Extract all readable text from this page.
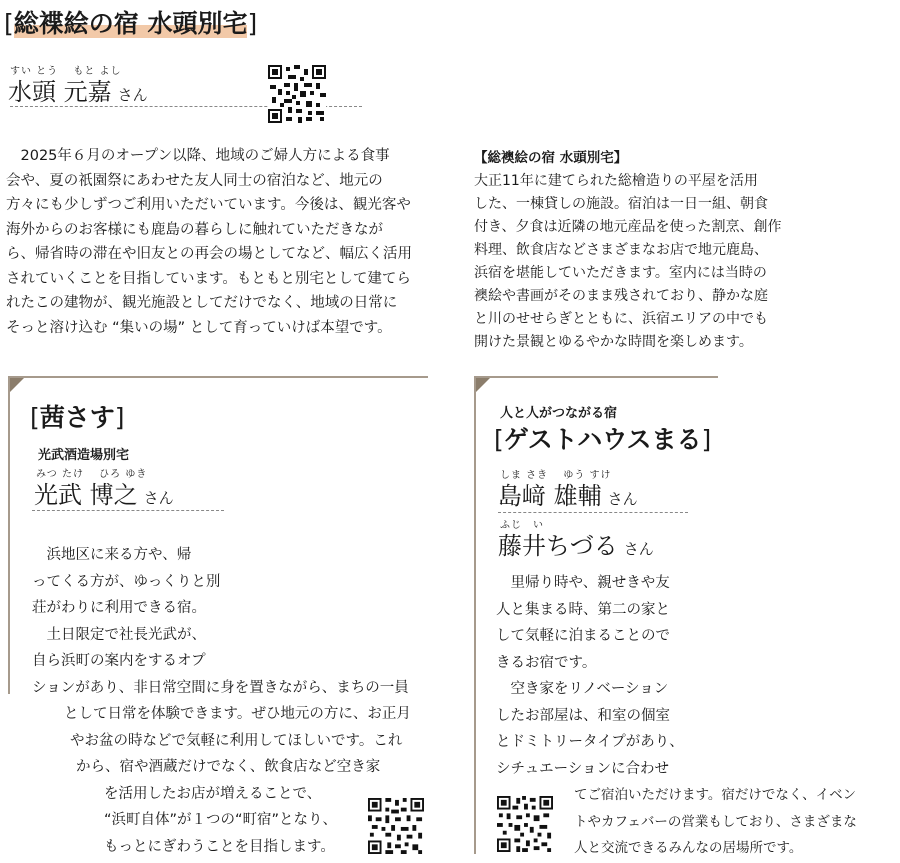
[総褋絵の宿 水頭別宅]
すい とう　 もと よし
水頭 元嘉 さん
　2025年６月のオープン以降、地域のご婦人方による食事
会や、夏の祇園祭にあわせた友人同士の宿泊など、地元の
方々にも少しずつご利用いただいています。今後は、観光客や
海外からのお客様にも鹿島の暮らしに触れていただきなが
ら、帰省時の滞在や旧友との再会の場としてなど、幅広く活用
されていくことを目指しています。もともと別宅として建てら
れたこの建物が、観光施設としてだけでなく、地域の日常に
そっと溶け込む “集いの場” として育っていけば本望です。
【総襖絵の宿 水頭別宅】
大正11年に建てられた総檜造りの平屋を活用
した、一棟貸しの施設。宿泊は一日一組、朝食
付き、夕食は近隣の地元産品を使った割烹、創作
料理、飲食店などさまざまなお店で地元鹿島、
浜宿を堪能していただきます。室内には当時の
襖絵や書画がそのまま残されており、静かな庭
と川のせせらぎとともに、浜宿エリアの中でも
開けた景観とゆるやかな時間を楽しめます。
[茜さす]
光武酒造場別宅
みつ たけ　 ひろ ゆき
光武 博之 さん
　浜地区に来る方や、帰
ってくる方が、ゆっくりと別
荘がわりに利用できる宿。
　土日限定で社長光武が、
自ら浜町の案内をするオプ
ションがあり、非日常空間に身を置きながら、まちの一員
として日常を体験できます。ぜひ地元の方に、お正月
やお盆の時などで気軽に利用してほしいです。これ
から、宿や酒蔵だけでなく、飲食店など空き家
を活用したお店が増えることで、
“浜町自体”が１つの“町宿”となり、
もっとにぎわうことを目指します。
人と人がつながる宿
[ゲストハウスまる]
しま さき　 ゆう すけ
島﨑 雄輔 さん
ふじ　い
藤井ちづる さん
　里帰り時や、親せきや友
人と集まる時、第二の家と
して気軽に泊まることので
きるお宿です。
　空き家をリノベーション
したお部屋は、和室の個室
とドミトリータイプがあり、
シチュエーションに合わせ
てご宿泊いただけます。宿だけでなく、イベン
トやカフェバーの営業もしており、さまざまな
人と交流できるみんなの居場所です。
